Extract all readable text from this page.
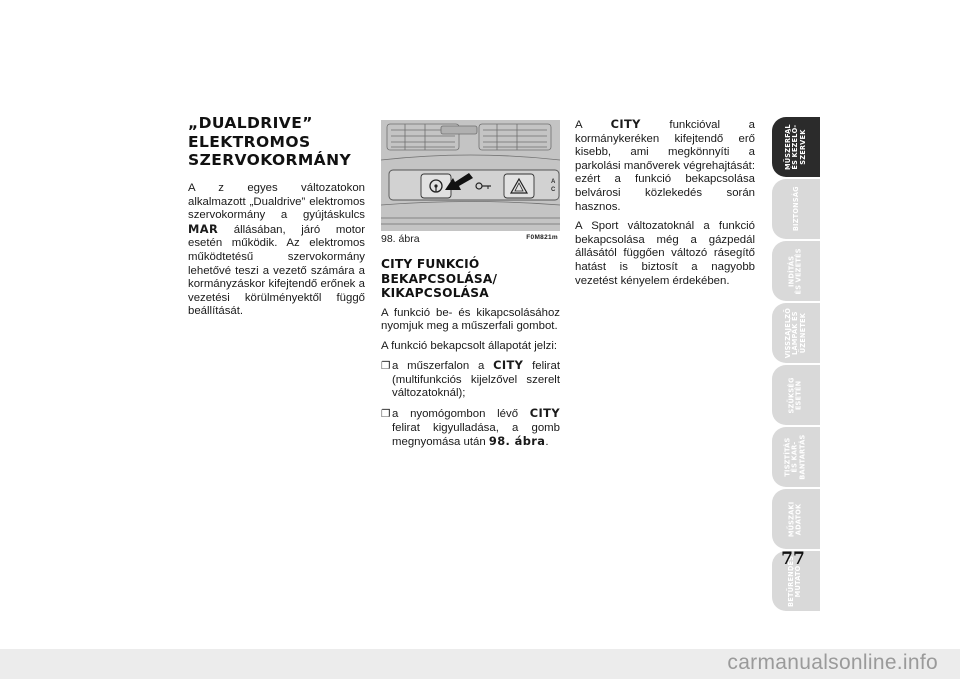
„DUALDRIVE”
ELEKTROMOS
SZERVOKORMÁNY

A z egyes változatokon alkalmazott „Dualdrive” elektromos szervokormány a gyújtáskulcs MAR állásában, járó motor esetén működik. Az elektromos működtetésű szervokormány lehetővé teszi a vezető számára a kormányzáskor kifejtendő erőnek a vezetési körülményektől függő beállítását.

A
C
98. ábra	F0M821m
CITY FUNKCIÓ
BEKAPCSOLÁSA/
KIKAPCSOLÁSA

A funkció be- és kikapcsolásához nyomjuk meg a műszerfali gombot.

A funkció bekapcsolt állapotát jelzi:

❐ a műszerfalon a CITY felirat (multifunkciós kijelzővel szerelt változatoknál);
❐ a nyomógombon lévő CITY felirat kigyulladása, a gomb megnyomása után 98. ábra.

A CITY funkcióval a kormánykeréken kifejtendő erő kisebb, ami megkönnyíti a parkolási manőverek végrehajtását: ezért a funkció bekapcsolása belvárosi közlekedés során hasznos.

A Sport változatoknál a funkció bekapcsolása még a gázpedál állásától függően változó rásegítő hatást is biztosít a nagyobb vezetést kényelem érdekében.

MŰSZERFAL
ÉS KEZELŐ-
SZERVEK
BIZTONSÁG
INDÍTÁS
ÉS VEZETÉS
VISSZAJELZŐ
LÁMPÁK ÉS
ÜZENETEK
SZÜKSÉG
ESETÉN
TISZTÍTÁS
ÉS KAR-
BANTARTÁS
MŰSZAKI
ADATOK
BETŰRENDES
MUTATÓ
77
carmanualsonline.info
